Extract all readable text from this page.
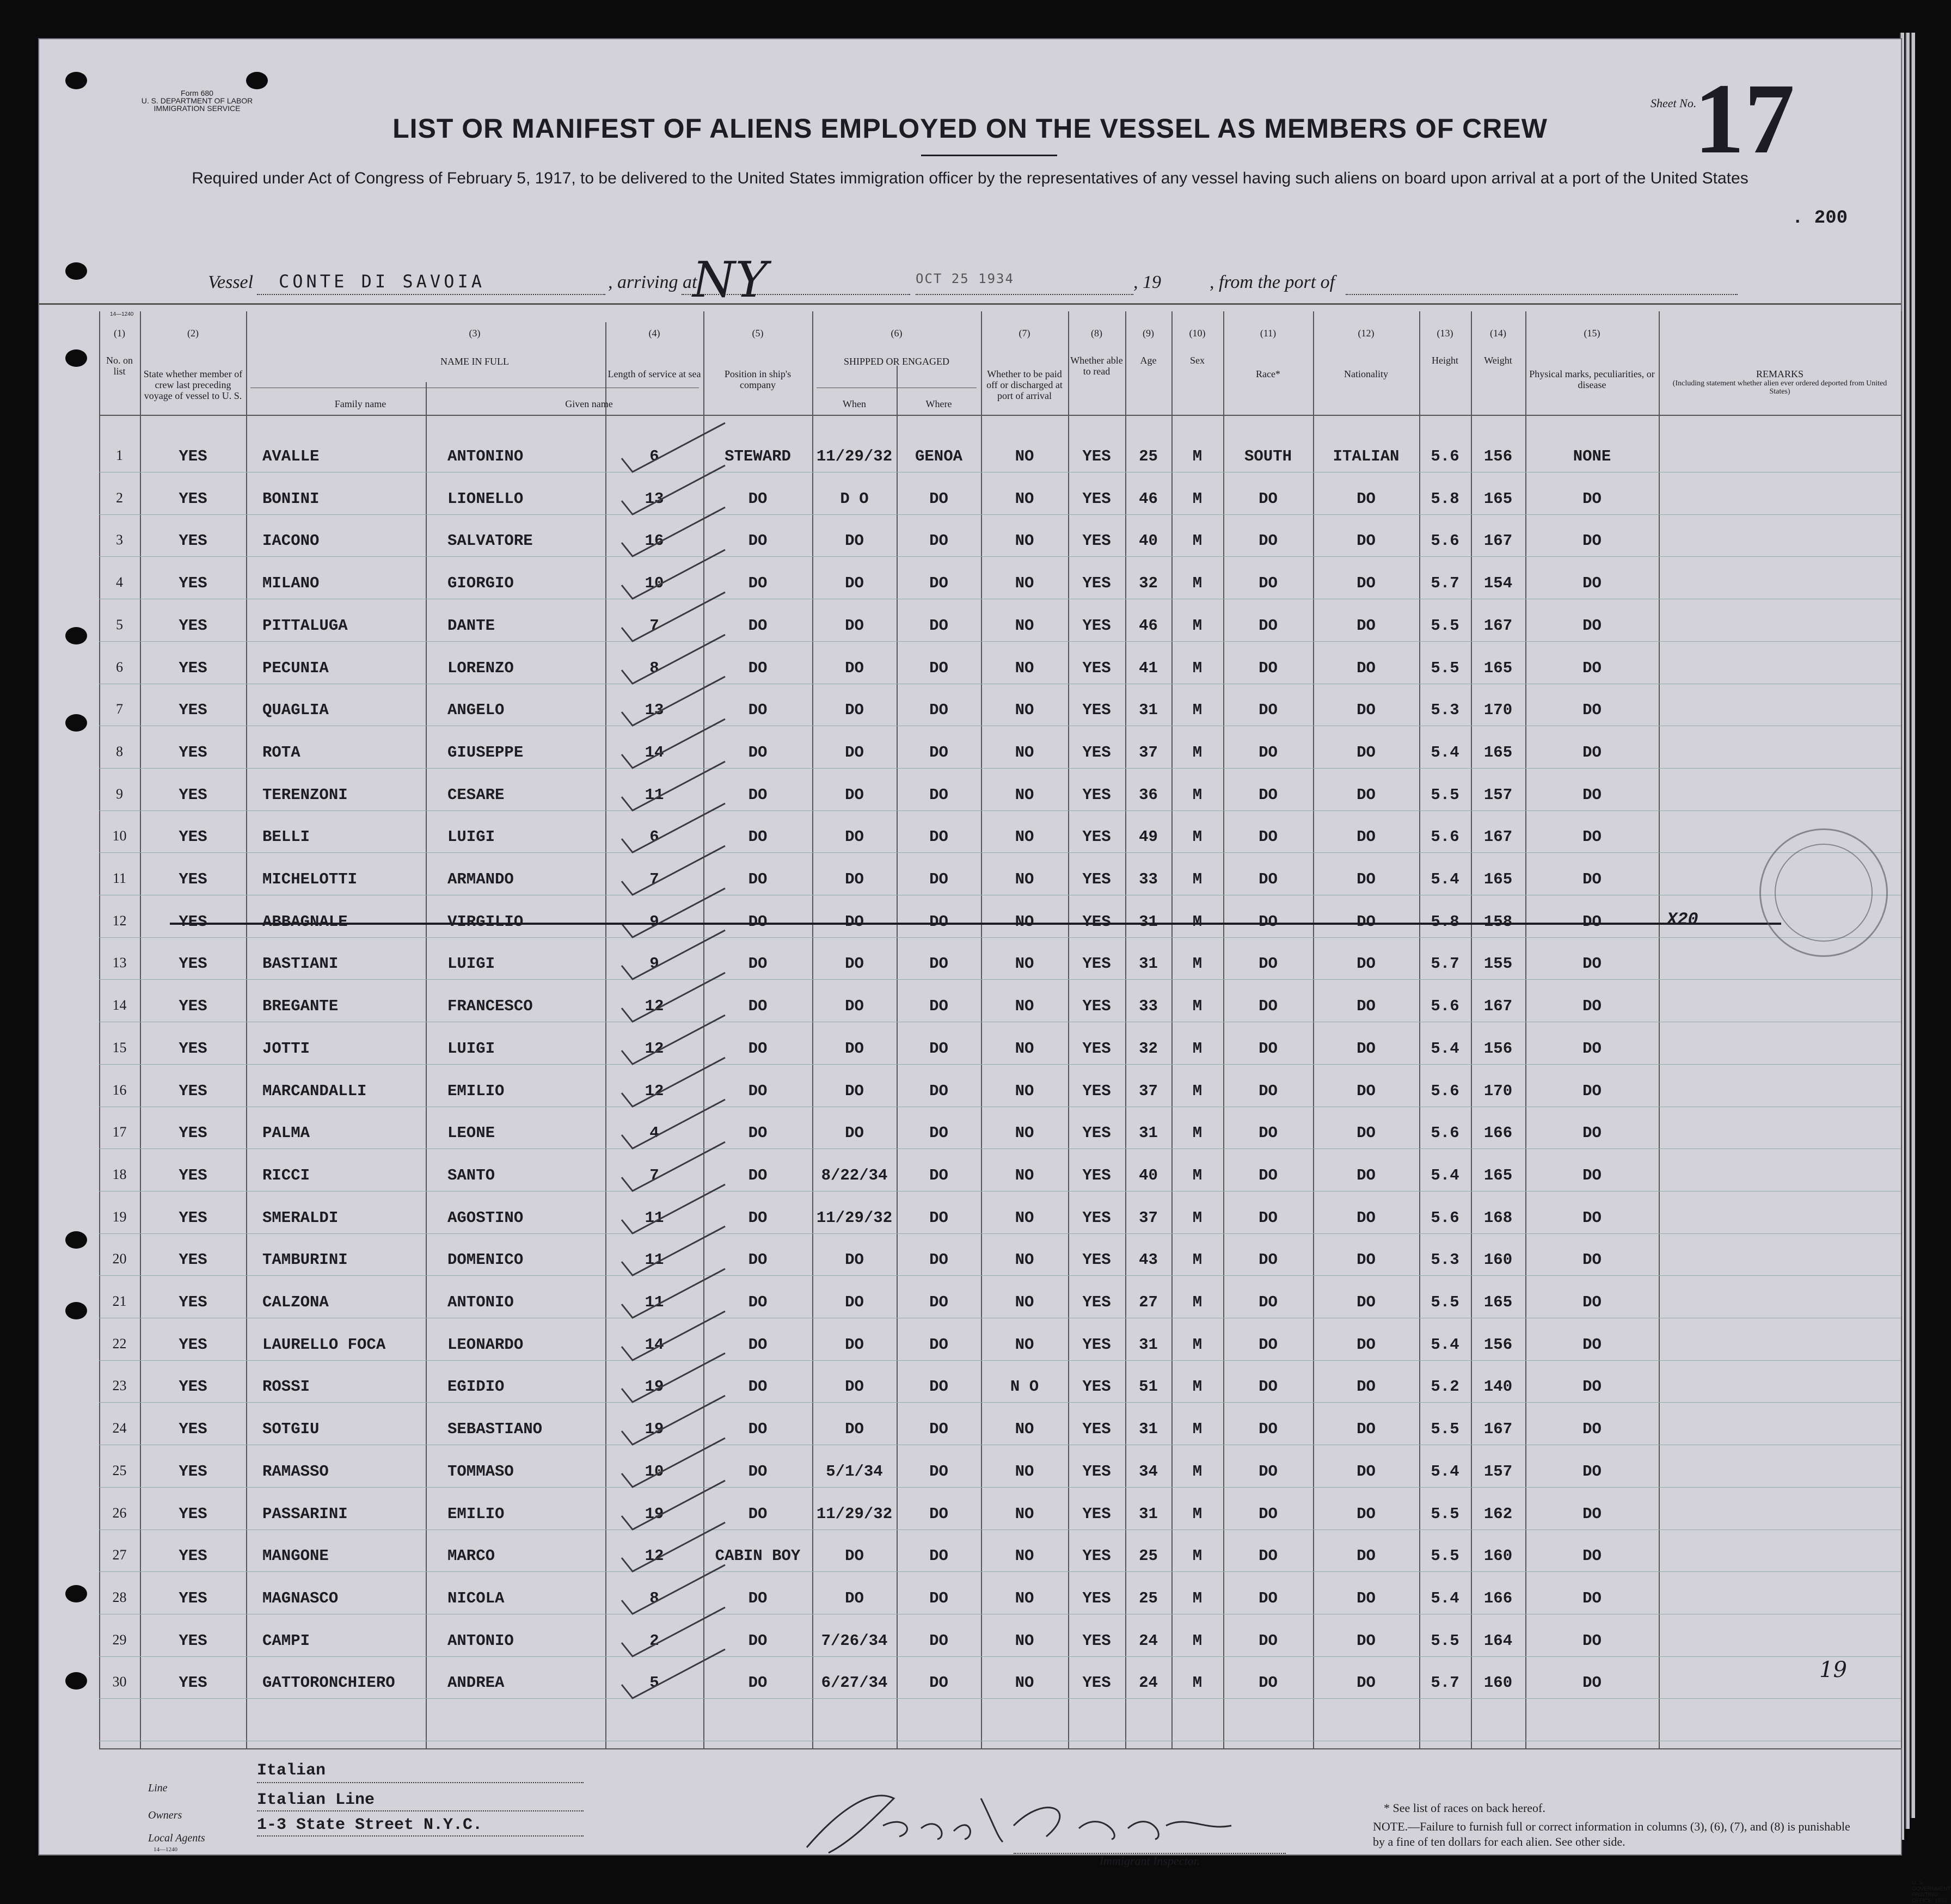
Form 680
U. S. DEPARTMENT OF LABOR
IMMIGRATION SERVICE	Sheet No.
17
. 200
LIST OR MANIFEST OF ALIENS EMPLOYED ON THE VESSEL AS MEMBERS OF CREW
Required under Act of Congress of February 5, 1917, to be delivered to the United States immigration officer by the representatives of any vessel having such aliens on board upon arrival at a port of the United States
Vessel CONTE DI SAVOIA	, arriving at
NY	OCT 25 1934	, 19	, from the port of
14—1240
(1)
No. on list
(2)
State whether member of crew last preceding voyage of vessel to U. S.
(3)
NAME IN FULL
Family name	Given name
(4)
Length of service at sea
(5)
Position in ship's company
(6)
SHIPPED OR ENGAGED
When	Where
(7)
Whether to be paid off or discharged at port of arrival
(8)
Whether able to read
(9)
Age
(10)
Sex
(11)
Race*
(12)
Nationality
(13)
Height
(14)
Weight
(15)
Physical marks, peculiarities, or disease
REMARKS
(Including statement whether alien ever ordered deported from United States)
1	YES	AVALLE	ANTONINO	6	STEWARD	11/29/32	GENOA	NO	YES	25	M	SOUTH	ITALIAN	5.6	156	NONE
2	YES	BONINI	LIONELLO	13	DO	D O	DO	NO	YES	46	M	DO	DO	5.8	165	DO
3	YES	IACONO	SALVATORE	16	DO	DO	DO	NO	YES	40	M	DO	DO	5.6	167	DO
4	YES	MILANO	GIORGIO	10	DO	DO	DO	NO	YES	32	M	DO	DO	5.7	154	DO
5	YES	PITTALUGA	DANTE	7	DO	DO	DO	NO	YES	46	M	DO	DO	5.5	167	DO
6	YES	PECUNIA	LORENZO	8	DO	DO	DO	NO	YES	41	M	DO	DO	5.5	165	DO
7	YES	QUAGLIA	ANGELO	13	DO	DO	DO	NO	YES	31	M	DO	DO	5.3	170	DO
8	YES	ROTA	GIUSEPPE	14	DO	DO	DO	NO	YES	37	M	DO	DO	5.4	165	DO
9	YES	TERENZONI	CESARE	11	DO	DO	DO	NO	YES	36	M	DO	DO	5.5	157	DO
10	YES	BELLI	LUIGI	6	DO	DO	DO	NO	YES	49	M	DO	DO	5.6	167	DO
11	YES	MICHELOTTI	ARMANDO	7	DO	DO	DO	NO	YES	33	M	DO	DO	5.4	165	DO
12	YES	ABBAGNALE	VIRGILIO	9	DO	DO	DO	NO	YES	31	M	DO	DO	5.8	158	DO	X20
13	YES	BASTIANI	LUIGI	9	DO	DO	DO	NO	YES	31	M	DO	DO	5.7	155	DO
14	YES	BREGANTE	FRANCESCO	12	DO	DO	DO	NO	YES	33	M	DO	DO	5.6	167	DO
15	YES	JOTTI	LUIGI	12	DO	DO	DO	NO	YES	32	M	DO	DO	5.4	156	DO
16	YES	MARCANDALLI	EMILIO	12	DO	DO	DO	NO	YES	37	M	DO	DO	5.6	170	DO
17	YES	PALMA	LEONE	4	DO	DO	DO	NO	YES	31	M	DO	DO	5.6	166	DO
18	YES	RICCI	SANTO	7	DO	8/22/34	DO	NO	YES	40	M	DO	DO	5.4	165	DO
19	YES	SMERALDI	AGOSTINO	11	DO	11/29/32	DO	NO	YES	37	M	DO	DO	5.6	168	DO
20	YES	TAMBURINI	DOMENICO	11	DO	DO	DO	NO	YES	43	M	DO	DO	5.3	160	DO
21	YES	CALZONA	ANTONIO	11	DO	DO	DO	NO	YES	27	M	DO	DO	5.5	165	DO
22	YES	LAURELLO FOCA	LEONARDO	14	DO	DO	DO	NO	YES	31	M	DO	DO	5.4	156	DO
23	YES	ROSSI	EGIDIO	19	DO	DO	DO	N O	YES	51	M	DO	DO	5.2	140	DO
24	YES	SOTGIU	SEBASTIANO	19	DO	DO	DO	NO	YES	31	M	DO	DO	5.5	167	DO
25	YES	RAMASSO	TOMMASO	10	DO	5/1/34	DO	NO	YES	34	M	DO	DO	5.4	157	DO
26	YES	PASSARINI	EMILIO	19	DO	11/29/32	DO	NO	YES	31	M	DO	DO	5.5	162	DO
27	YES	MANGONE	MARCO	12	CABIN BOY	DO	DO	NO	YES	25	M	DO	DO	5.5	160	DO
28	YES	MAGNASCO	NICOLA	8	DO	DO	DO	NO	YES	25	M	DO	DO	5.4	166	DO
29	YES	CAMPI	ANTONIO	2	DO	7/26/34	DO	NO	YES	24	M	DO	DO	5.5	164	DO
30	YES	GATTORONCHIERO	ANDREA	5	DO	6/27/34	DO	NO	YES	24	M	DO	DO	5.7	160	DO
19
Line
Italian
Owners
Italian Line
Local Agents
1-3 State Street N.Y.C.
14—1240
Immigrant Inspector.
* See list of races on back hereof.
NOTE.—Failure to furnish full or correct information in columns (3), (6), (7), and (8) is punishable by a fine of ten dollars for each alien. See other side.
U. S. GOVERNMENT PRINTING OFFICE: 1933
